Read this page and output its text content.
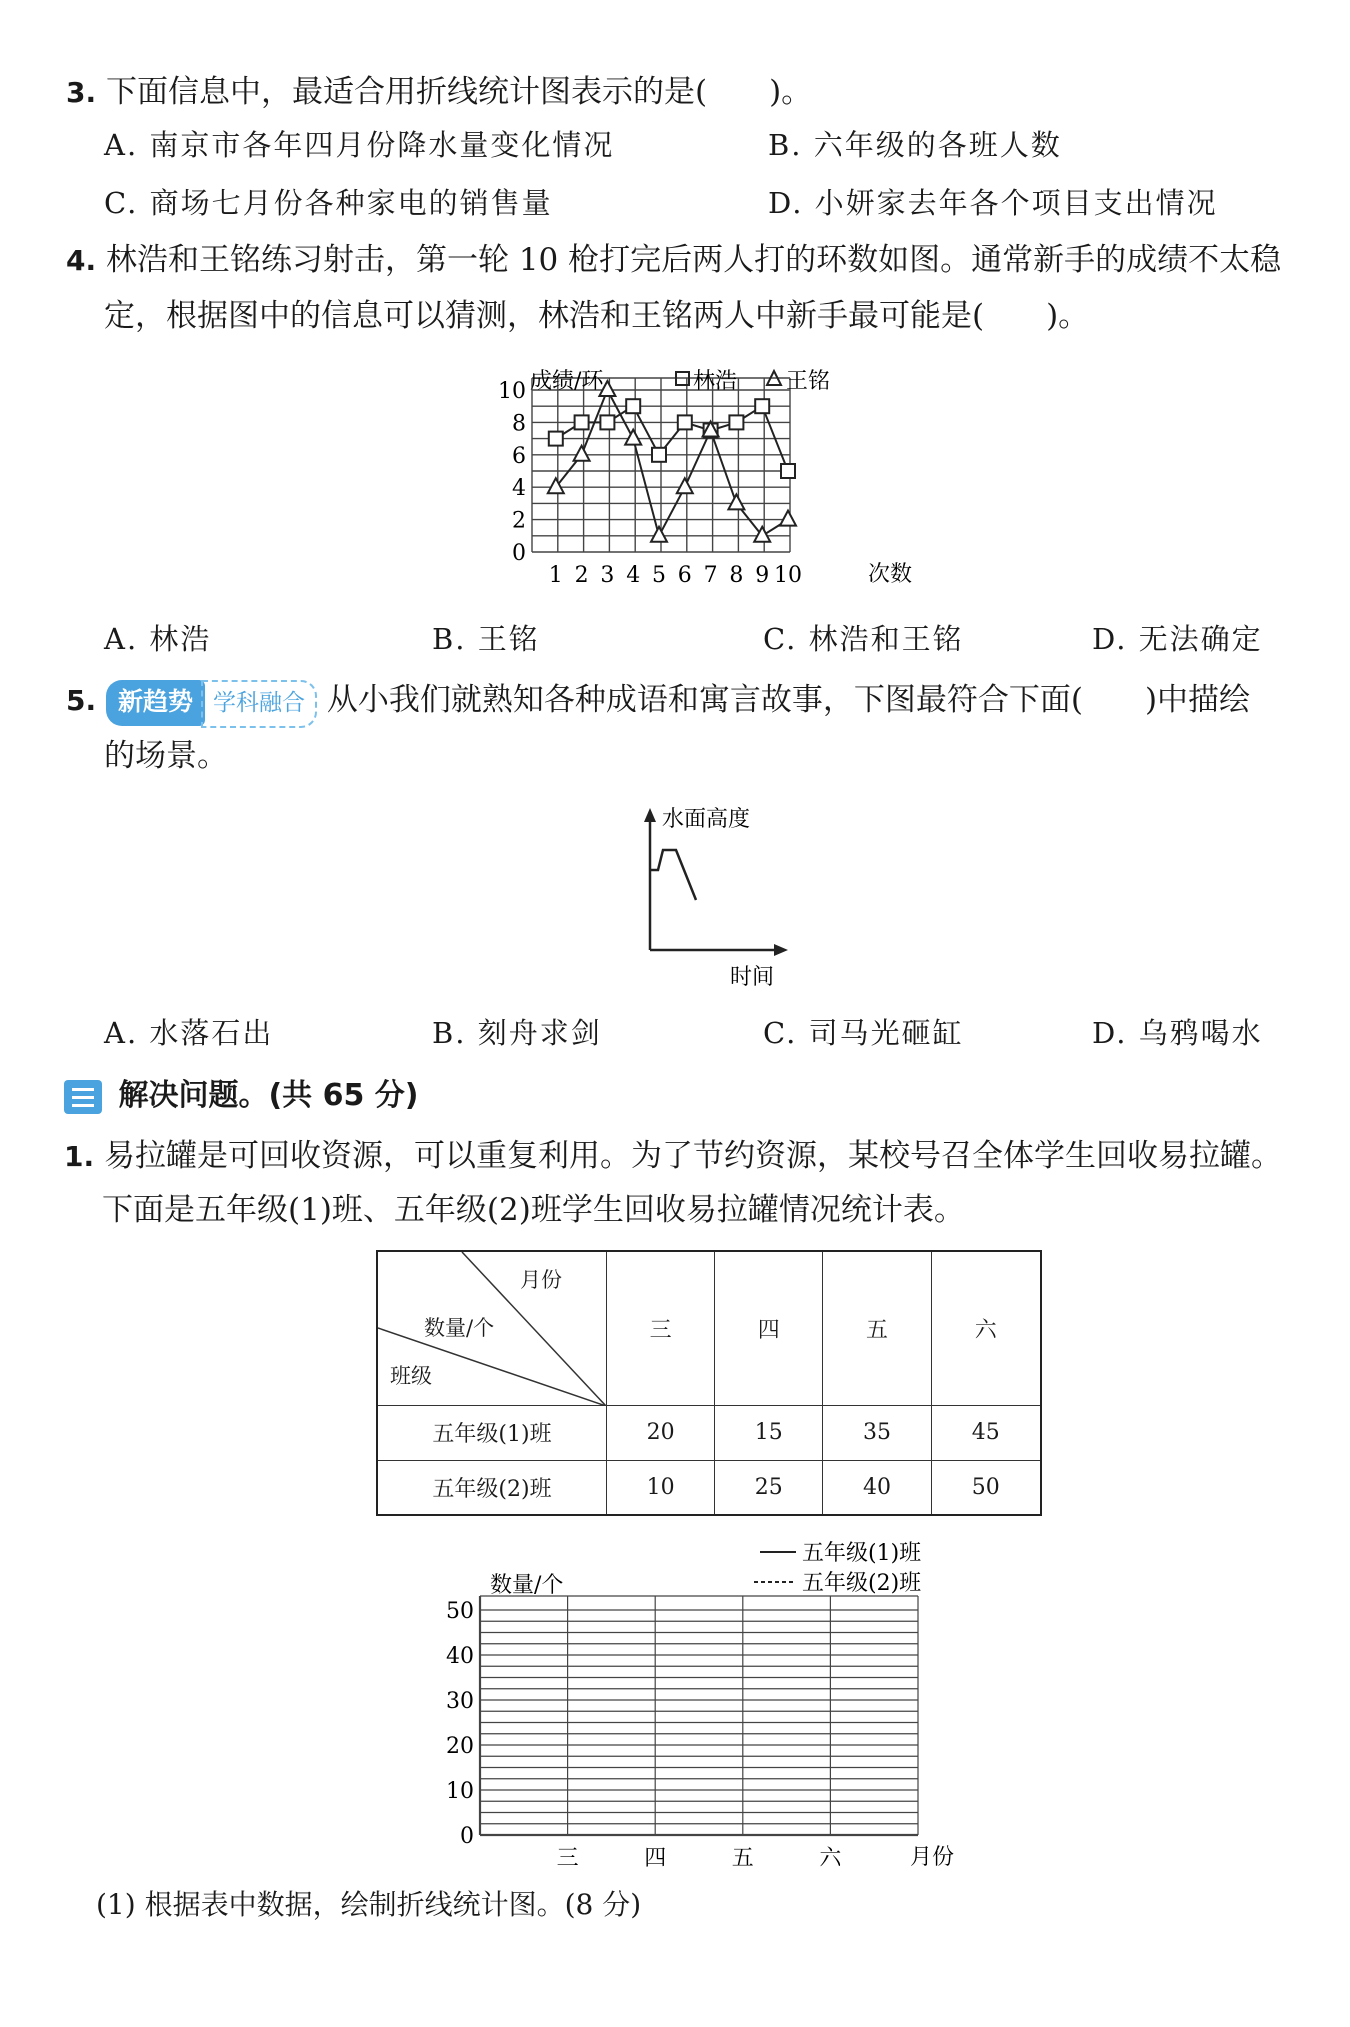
3. 下面信息中，最适合用折线统计图表示的是(　　)。
A. 南京市各年四月份降水量变化情况	B. 六年级的各班人数
C. 商场七月份各种家电的销售量	D. 小妍家去年各个项目支出情况
4. 林浩和王铭练习射击，第一轮 10 枪打完后两人打的环数如图。通常新手的成绩不太稳
定，根据图中的信息可以猜测，林浩和王铭两人中新手最可能是(　　)。
0
2
4
6
8
10
1 2 3 4 5 6 7 8 9 10
成绩/环
次数
林浩 王铭
A. 林浩	B. 王铭	C. 林浩和王铭	D. 无法确定
5. 新趋势 学科融合 从小我们就熟知各种成语和寓言故事，下图最符合下面(　　)中描绘
的场景。
水面高度
时间
A. 水落石出	B. 刻舟求剑	C. 司马光砸缸	D. 乌鸦喝水
解决问题。(共 65 分)
1. 易拉罐是可回收资源，可以重复利用。为了节约资源，某校号召全体学生回收易拉罐。
下面是五年级(1)班、五年级(2)班学生回收易拉罐情况统计表。
月份
数量/个
班级	三	四	五	六
五年级(1)班	20	15	35	45
五年级(2)班	10	25	40	50
五年级(1)班
五年级(2)班
数量/个
月份
0
10
20
30
40
50
三	四	五	六
(1) 根据表中数据，绘制折线统计图。(8 分)
